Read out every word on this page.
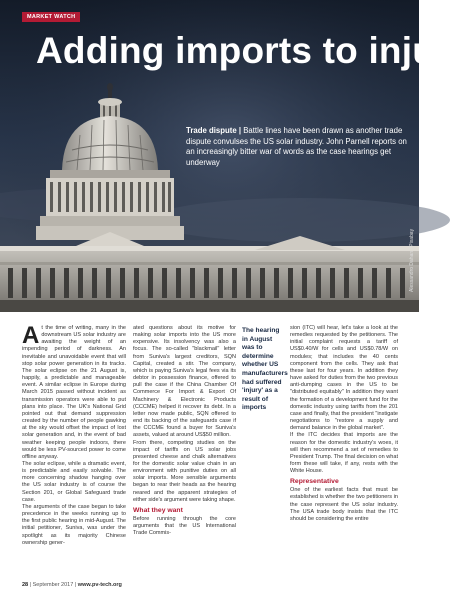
MARKET WATCH
Adding imports to injury

Trade dispute | Battle lines have been drawn as another trade dispute convulses the US solar industry. John Parnell reports on an increasingly bitter war of words as the case hearings get underway

Alessandro Dahan / Pixabay

At the time of writing, many in the downstream US solar industry are awaiting the weight of an impending period of darkness. An inevitable and unavoidable event that will stop solar power generation in its tracks. The solar eclipse on the 21 August is, happily, a predictable and manageable event. A similar eclipse in Europe during March 2015 passed without incident as transmission operators were able to put plans into place. The UK's National Grid pointed out that demand suppression created by the number of people gawking at the sky would offset the impact of lost solar generation and, in the event of bad weather keeping people indoors, there would be less PV-sourced power to come offline anyway.

The solar eclipse, while a dramatic event, is predictable and easily solvable. The more concerning shadow hanging over the US solar industry is of course the Section 201, or Global Safeguard trade case.

The arguments of the case began to take precedence in the weeks running up to the first public hearing in mid-August. The initial petitioner, Suniva, was under the spotlight as its majority Chinese ownership gener-

ated questions about its motive for making solar imports into the US more expensive. Its insolvency was also a focus. The so-called "blackmail" letter from Suniva's largest creditors, SQN Capital, created a stir. The company, which is paying Suniva's legal fees via its debtor in possession finance, offered to pull the case if the China Chamber Of Commerce For Import & Export Of Machinery & Electronic Products (CCCME) helped it recover its debt. In a letter now made public, SQN offered to end its backing of the safeguards case if the CCCME found a buyer for Suniva's assets, valued at around US$50 million.

From there, competing studies on the impact of tariffs on US solar jobs presented cheese and chalk alternatives for the domestic solar value chain in an environment with punitive duties on all solar imports. More sensible arguments began to rear their heads as the hearing neared and the apparent strategies of either side's argument were taking shape.

What they want

Before running through the core arguments that the US International Trade Commis-

The hearing in August was to determine whether US manufacturers had suffered 'injury' as a result of imports

sion (ITC) will hear, let's take a look at the remedies requested by the petitioners. The initial complaint requests a tariff of US$0.40/W for cells and US$0.78/W on modules; that includes the 40 cents component from the cells. They ask that these last for four years. In addition they have asked for duties from the two previous anti-dumping cases in the US to be "distributed equitably" In addition they want the formation of a development fund for the domestic industry using tariffs from the 201 case and finally, that the president "instigate negotiations to "restore a supply and demand balance in the global market".

If the ITC decides that imports are the reason for the domestic industry's woes, it will then recommend a set of remedies to President Trump. The final decision on what form these will take, if any, rests with the White House.

Representative

One of the earliest facts that must be established is whether the two petitioners in the case represent the US solar industry. The USA trade body insists that the ITC should be considering the entire

28 | September 2017 | www.pv-tech.org
